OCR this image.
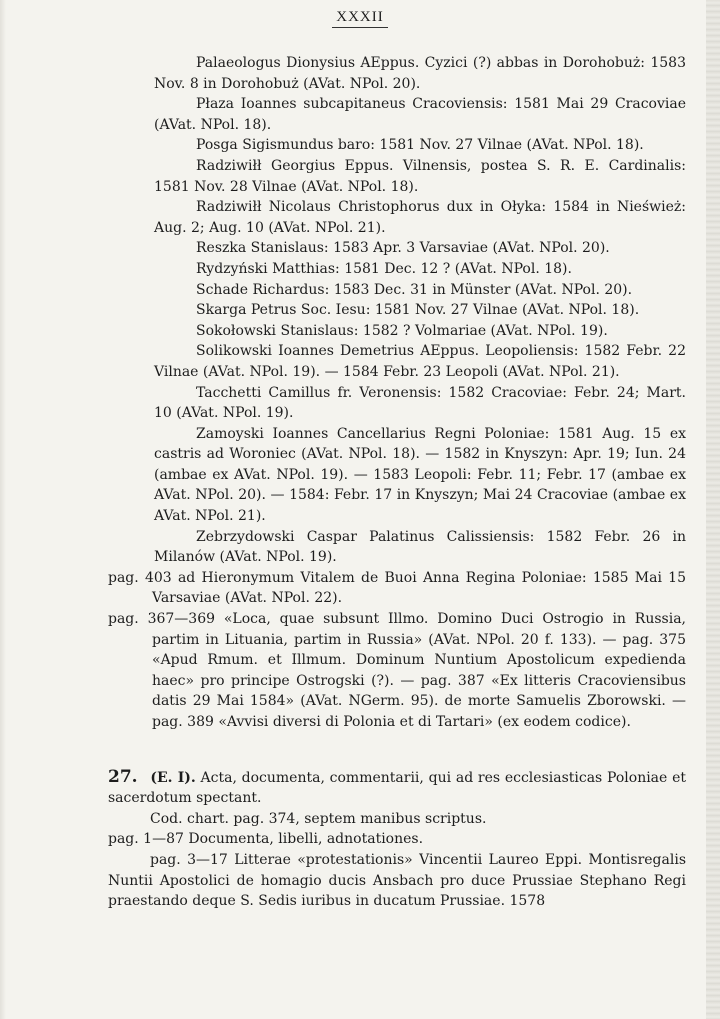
XXXII

Palaeologus Dionysius AEppus. Cyzici (?) abbas in Dorohobuż: 1583 Nov. 8 in Dorohobuż (AVat. NPol. 20).

Płaza Ioannes subcapitaneus Cracoviensis: 1581 Mai 29 Cracoviae (AVat. NPol. 18).

Posga Sigismundus baro: 1581 Nov. 27 Vilnae (AVat. NPol. 18).

Radziwiłł Georgius Eppus. Vilnensis, postea S. R. E. Cardinalis: 1581 Nov. 28 Vilnae (AVat. NPol. 18).

Radziwiłł Nicolaus Christophorus dux in Ołyka: 1584 in Nieśwież: Aug. 2; Aug. 10 (AVat. NPol. 21).

Reszka Stanislaus: 1583 Apr. 3 Varsaviae (AVat. NPol. 20).

Rydzyński Matthias: 1581 Dec. 12 ? (AVat. NPol. 18).

Schade Richardus: 1583 Dec. 31 in Münster (AVat. NPol. 20).

Skarga Petrus Soc. Iesu: 1581 Nov. 27 Vilnae (AVat. NPol. 18).

Sokołowski Stanislaus: 1582 ? Volmariae (AVat. NPol. 19).

Solikowski Ioannes Demetrius AEppus. Leopoliensis: 1582 Febr. 22 Vilnae (AVat. NPol. 19). — 1584 Febr. 23 Leopoli (AVat. NPol. 21).

Tacchetti Camillus fr. Veronensis: 1582 Cracoviae: Febr. 24; Mart. 10 (AVat. NPol. 19).

Zamoyski Ioannes Cancellarius Regni Poloniae: 1581 Aug. 15 ex castris ad Woroniec (AVat. NPol. 18). — 1582 in Knyszyn: Apr. 19; Iun. 24 (ambae ex AVat. NPol. 19). — 1583 Leopoli: Febr. 11; Febr. 17 (ambae ex AVat. NPol. 20). — 1584: Febr. 17 in Knyszyn; Mai 24 Cracoviae (ambae ex AVat. NPol. 21).

Zebrzydowski Caspar Palatinus Calissiensis: 1582 Febr. 26 in Milanów (AVat. NPol. 19).

pag. 403 ad Hieronymum Vitalem de Buoi Anna Regina Poloniae: 1585 Mai 15 Varsaviae (AVat. NPol. 22).

pag. 367—369 «Loca, quae subsunt Illmo. Domino Duci Ostrogio in Russia, partim in Lituania, partim in Russia» (AVat. NPol. 20 f. 133). — pag. 375 «Apud Rmum. et Illmum. Dominum Nuntium Apostolicum expedienda haec» pro principe Ostrogski (?). — pag. 387 «Ex litteris Cracoviensibus datis 29 Mai 1584» (AVat. NGerm. 95). de morte Samuelis Zborowski. — pag. 389 «Avvisi diversi di Polonia et di Tartari» (ex eodem codice).

27. (E. I). Acta, documenta, commentarii, qui ad res ecclesiasticas Poloniae et sacerdotum spectant.

Cod. chart. pag. 374, septem manibus scriptus.

pag. 1—87 Documenta, libelli, adnotationes.

pag. 3—17 Litterae «protestationis» Vincentii Laureo Eppi. Montisregalis Nuntii Apostolici de homagio ducis Ansbach pro duce Prussiae Stephano Regi praestando deque S. Sedis iuribus in ducatum Prussiae. 1578
